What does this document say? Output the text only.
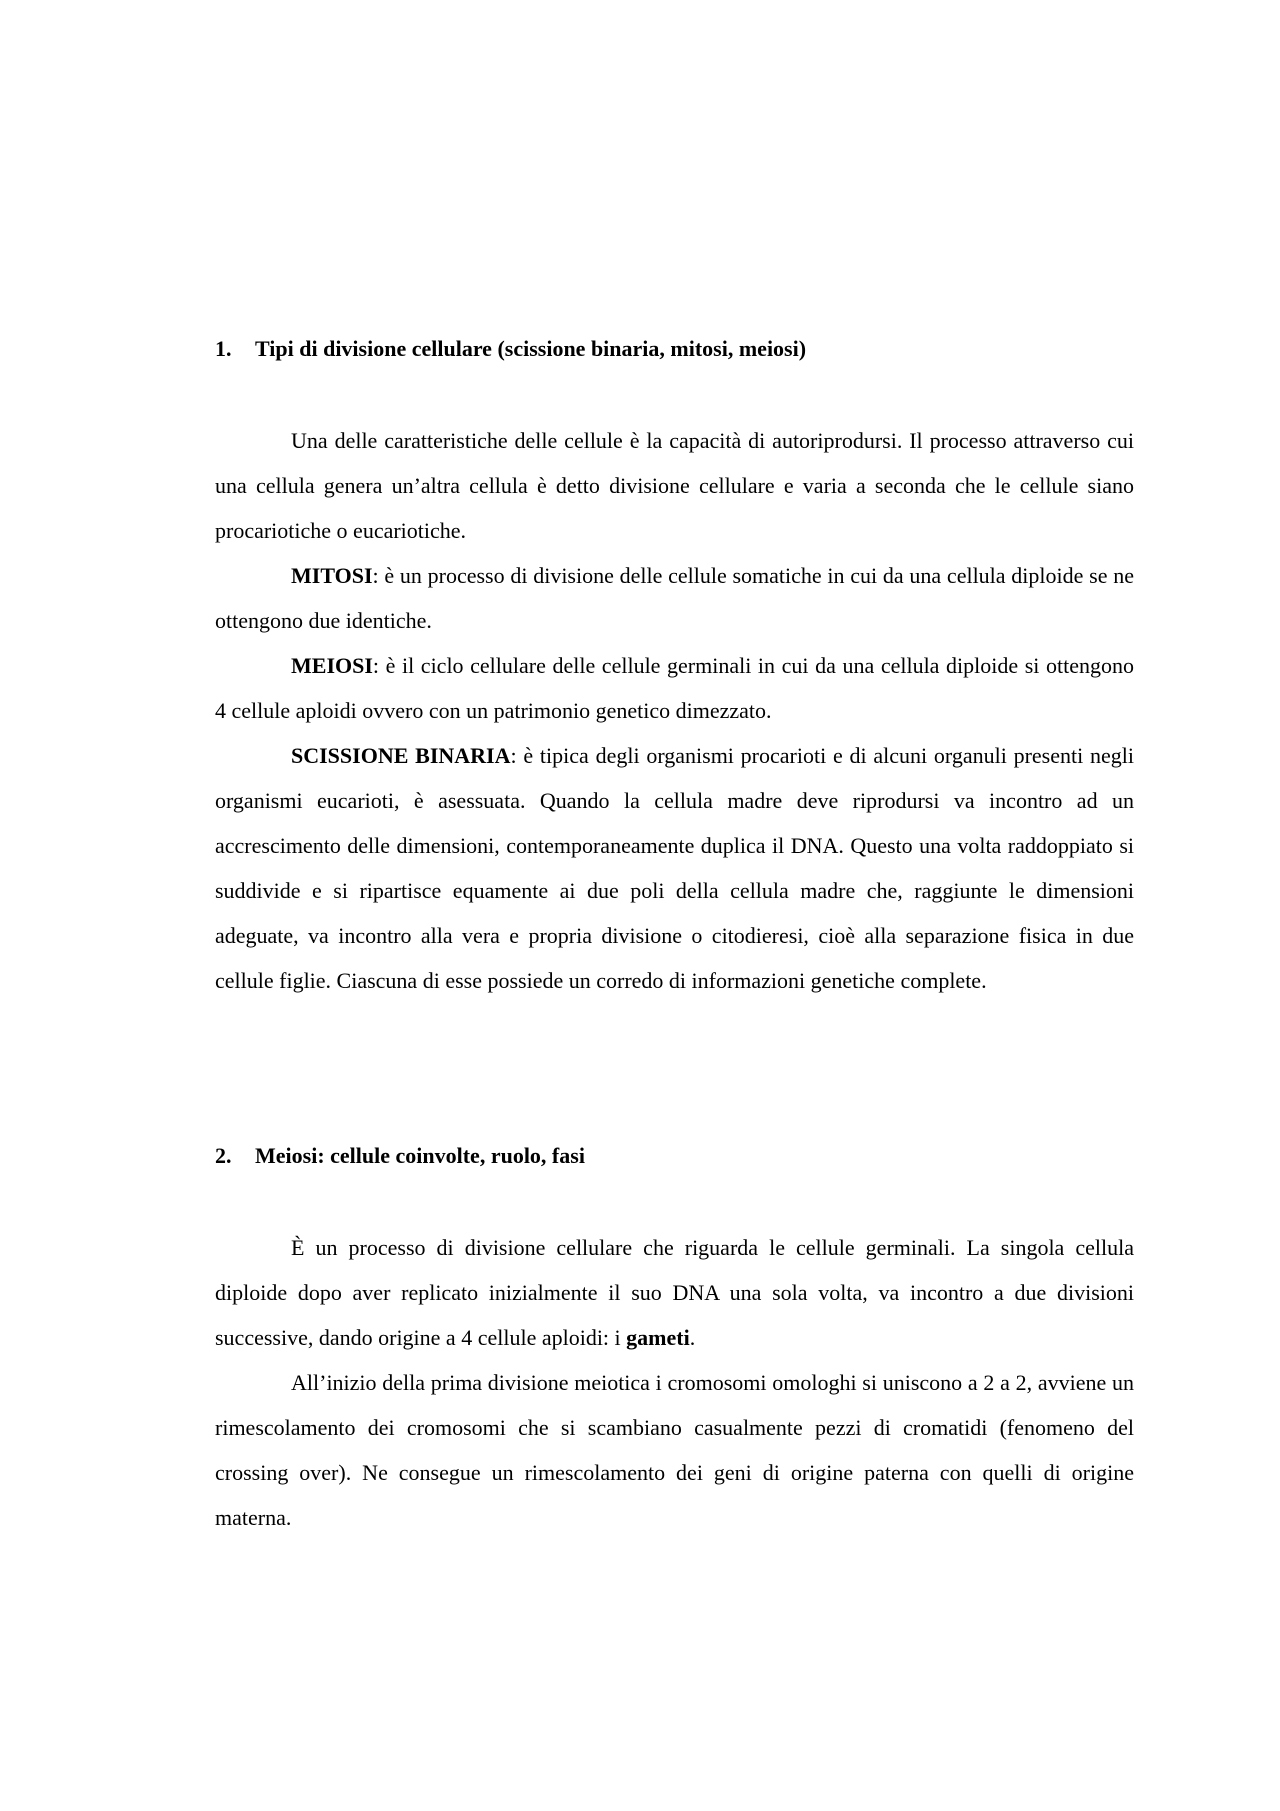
1. Tipi di divisione cellulare (scissione binaria, mitosi, meiosi)

Una delle caratteristiche delle cellule è la capacità di autoriprodursi. Il processo attraverso cui una cellula genera un’altra cellula è detto divisione cellulare e varia a seconda che le cellule siano procariotiche o eucariotiche.

MITOSI: è un processo di divisione delle cellule somatiche in cui da una cellula diploide se ne ottengono due identiche.

MEIOSI: è il ciclo cellulare delle cellule germinali in cui da una cellula diploide si ottengono 4 cellule aploidi ovvero con un patrimonio genetico dimezzato.

SCISSIONE BINARIA: è tipica degli organismi procarioti e di alcuni organuli presenti negli organismi eucarioti, è asessuata. Quando la cellula madre deve riprodursi va incontro ad un accrescimento delle dimensioni, contemporaneamente duplica il DNA. Questo una volta raddoppiato si suddivide e si ripartisce equamente ai due poli della cellula madre che, raggiunte le dimensioni adeguate, va incontro alla vera e propria divisione o citodieresi, cioè alla separazione fisica in due cellule figlie. Ciascuna di esse possiede un corredo di informazioni genetiche complete.

2. Meiosi: cellule coinvolte, ruolo, fasi

È un processo di divisione cellulare che riguarda le cellule germinali. La singola cellula diploide dopo aver replicato inizialmente il suo DNA una sola volta, va incontro a due divisioni successive, dando origine a 4 cellule aploidi: i gameti.

All’inizio della prima divisione meiotica i cromosomi omologhi si uniscono a 2 a 2, avviene un rimescolamento dei cromosomi che si scambiano casualmente pezzi di cromatidi (fenomeno del crossing over). Ne consegue un rimescolamento dei geni di origine paterna con quelli di origine materna.
